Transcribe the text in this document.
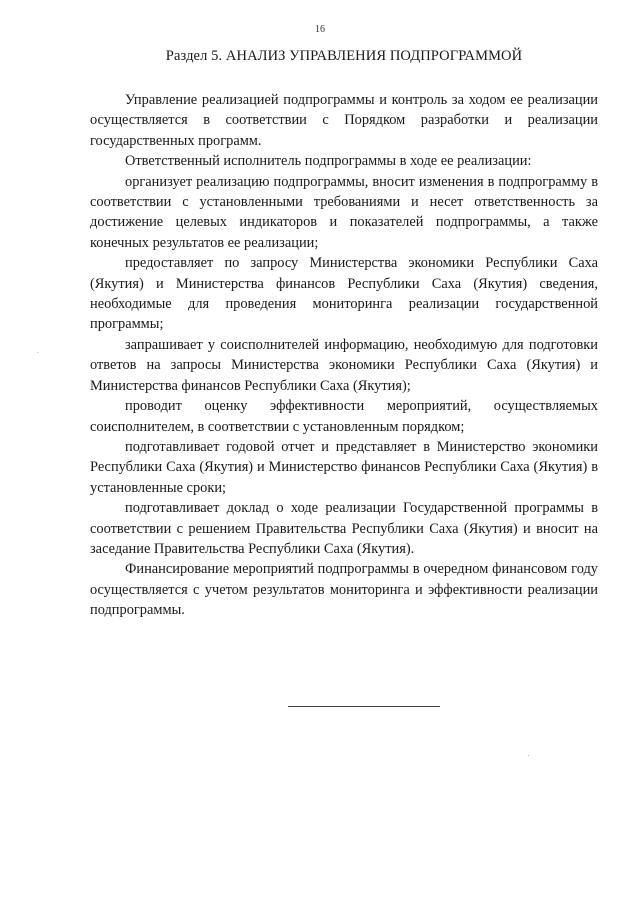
16
Раздел 5. АНАЛИЗ УПРАВЛЕНИЯ ПОДПРОГРАММОЙ

Управление реализацией подпрограммы и контроль за ходом ее реализации осуществляется в соответствии с Порядком разработки и реализации государственных программ.

Ответственный исполнитель подпрограммы в ходе ее реализации:

организует реализацию подпрограммы, вносит изменения в подпрограмму в соответствии с установленными требованиями и несет ответственность за достижение целевых индикаторов и показателей подпрограммы, а также конечных результатов ее реализации;

предоставляет по запросу Министерства экономики Республики Саха (Якутия) и Министерства финансов Республики Саха (Якутия) сведения, необходимые для проведения мониторинга реализации государственной программы;

запрашивает у соисполнителей информацию, необходимую для подготовки ответов на запросы Министерства экономики Республики Саха (Якутия) и Министерства финансов Республики Саха (Якутия);

проводит оценку эффективности мероприятий, осуществляемых соисполнителем, в соответствии с установленным порядком;

подготавливает годовой отчет и представляет в Министерство экономики Республики Саха (Якутия) и Министерство финансов Республики Саха (Якутия) в установленные сроки;

подготавливает доклад о ходе реализации Государственной программы в соответствии с решением Правительства Республики Саха (Якутия) и вносит на заседание Правительства Республики Саха (Якутия).

Финансирование мероприятий подпрограммы в очередном финансовом году осуществляется с учетом результатов мониторинга и эффективности реализации подпрограммы.
